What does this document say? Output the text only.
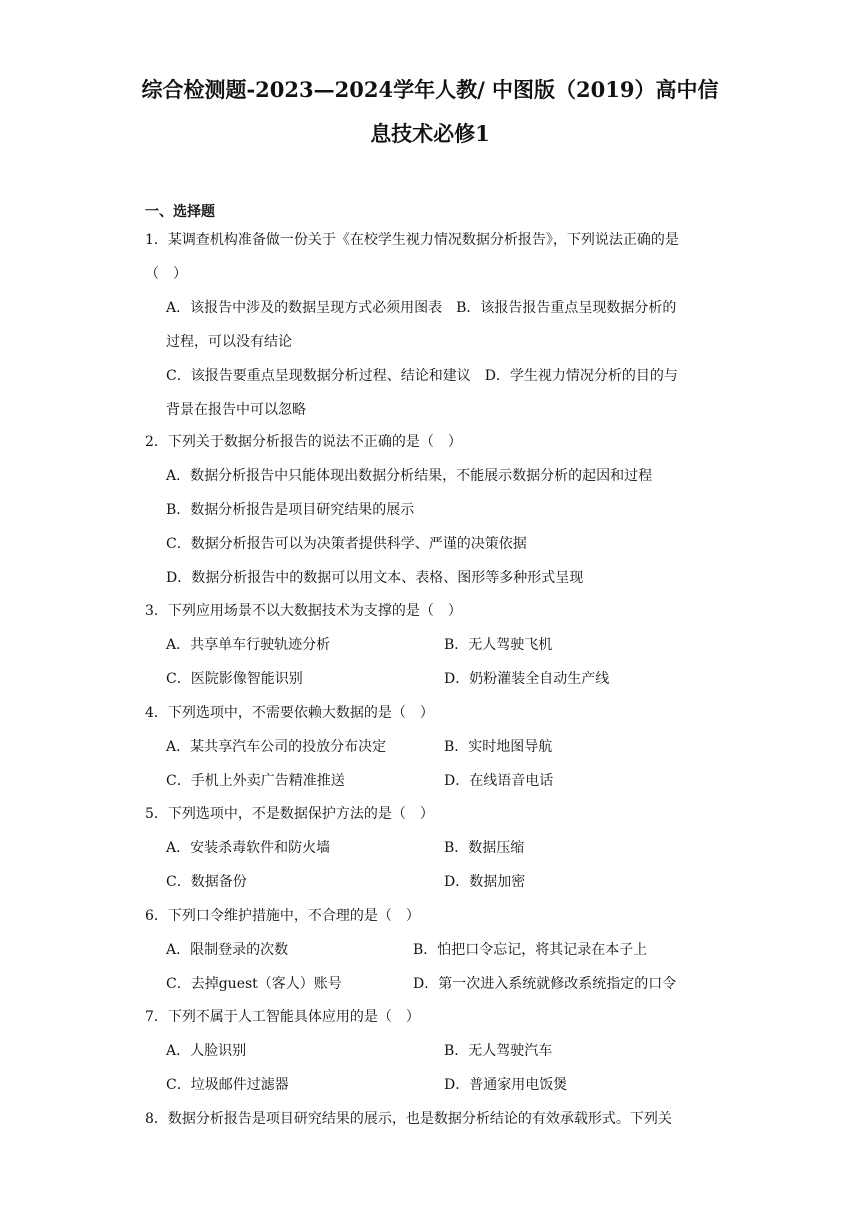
综合检测题-2023—2024学年人教/ 中图版（2019）高中信
息技术必修1
一、选择题
1．某调查机构准备做一份关于《在校学生视力情况数据分析报告》，下列说法正确的是
（　）
A．该报告中涉及的数据呈现方式必须用图表　B．该报告报告重点呈现数据分析的
过程，可以没有结论
C．该报告要重点呈现数据分析过程、结论和建议　D．学生视力情况分析的目的与
背景在报告中可以忽略
2．下列关于数据分析报告的说法不正确的是（　）
A．数据分析报告中只能体现出数据分析结果，不能展示数据分析的起因和过程
B．数据分析报告是项目研究结果的展示
C．数据分析报告可以为决策者提供科学、严谨的决策依据
D．数据分析报告中的数据可以用文本、表格、图形等多种形式呈现
3．下列应用场景不以大数据技术为支撑的是（　）
A．共享单车行驶轨迹分析	B．无人驾驶飞机
C．医院影像智能识别	D．奶粉灌装全自动生产线
4．下列选项中，不需要依赖大数据的是（　）
A．某共享汽车公司的投放分布决定	B．实时地图导航
C．手机上外卖广告精准推送	D．在线语音电话
5．下列选项中，不是数据保护方法的是（　）
A．安装杀毒软件和防火墙	B．数据压缩
C．数据备份	D．数据加密
6．下列口令维护措施中，不合理的是（　）
A．限制登录的次数	B．怕把口令忘记，将其记录在本子上
C．去掉guest（客人）账号	D．第一次进入系统就修改系统指定的口令
7．下列不属于人工智能具体应用的是（　）
A．人脸识别	B．无人驾驶汽车
C．垃圾邮件过滤器	D．普通家用电饭煲
8．数据分析报告是项目研究结果的展示，也是数据分析结论的有效承载形式。下列关
